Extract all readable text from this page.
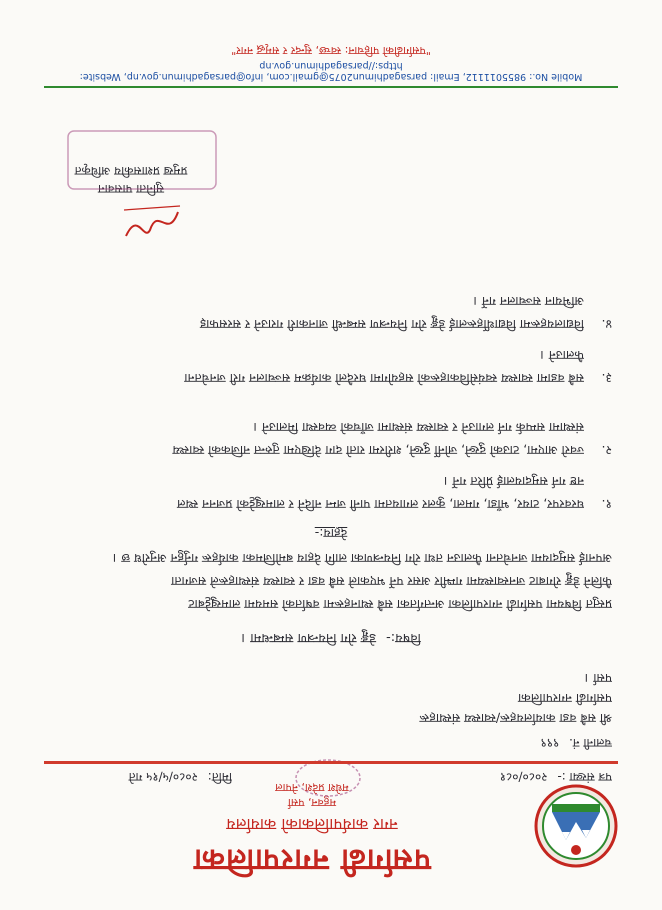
पर्सागढी नगरपालिका
नगर कार्यपालिकाको कार्यालय
महुवन, पर्सा
मधेश प्रदेश, नेपाल
पत्र संख्या :- २०८०/०८१
मिति: २०८०/५/१५ गते
चलानी नं. ९९९
श्री सबै वडा कार्यालयहरू/स्वास्थ्य संस्थाहरू
पर्सागढी नगरपालिका
पर्सा ।
विषय:- डेङ्गु रोग नियन्त्रण सम्बन्धमा ।
प्रस्तुत विषयमा पर्सागढी नगरपालिका अन्तर्गतका सबै स्थानहरूमा वर्षातको समयमा लामखुट्टेबाट
फैलिने डेङ्गु रोगबाट जनस्वास्थ्यमा गम्भीर असर पर्ने भएकाले सबै वडा र स्वास्थ्य संस्थाहरूले सजगता
अपनाई समुदायमा जनचेतना फैलाउन तथा रोग नियन्त्रणका लागि देहाय बमोजिमका कार्यहरू गर्नुहुन अनुरोध छ ।
देहाय:-
१.
घरवरपर, टायर, भाँडा, गमला, कुलर लगायतमा पानी जम्न नदिने र लामखुट्टेको प्रजनन स्थल
नष्ट गर्न समुदायलाई प्रेरित गर्ने ।
२.
ज्वरो आएमा, टाउको दुख्ने, जोर्नी दुख्ने, शरीरमा रातो दाग देखिएमा तुरुन्त नजिकको स्वास्थ्य
संस्थामा सम्पर्क गर्न लगाउने र स्वास्थ्य संस्थामा जाँचको व्यवस्था मिलाउने ।
३.
सबै वडामा स्वास्थ्य स्वयंसेविकाहरूको सहयोगमा घरदैलो कार्यक्रम सञ्चालन गरी जनचेतना
फैलाउने ।
४.
विद्यालयहरूमा विद्यार्थीहरूलाई डेङ्गु रोग नियन्त्रण सम्बन्धी जानकारी गराउने र सरसफाइ
अभियान सञ्चालन गर्ने ।
सुनिता पासवान
प्रमुख प्रशासकीय अधिकृत
Mobile No.: 9855011112, Email: parsagadhimun2075@gmail.com, info@parsagadhimun.gov.np, Website: https://parsagadhimun.gov.np
"पर्सागढीको पहिचान: स्वच्छ, सुन्दर र समृद्ध नगर"
